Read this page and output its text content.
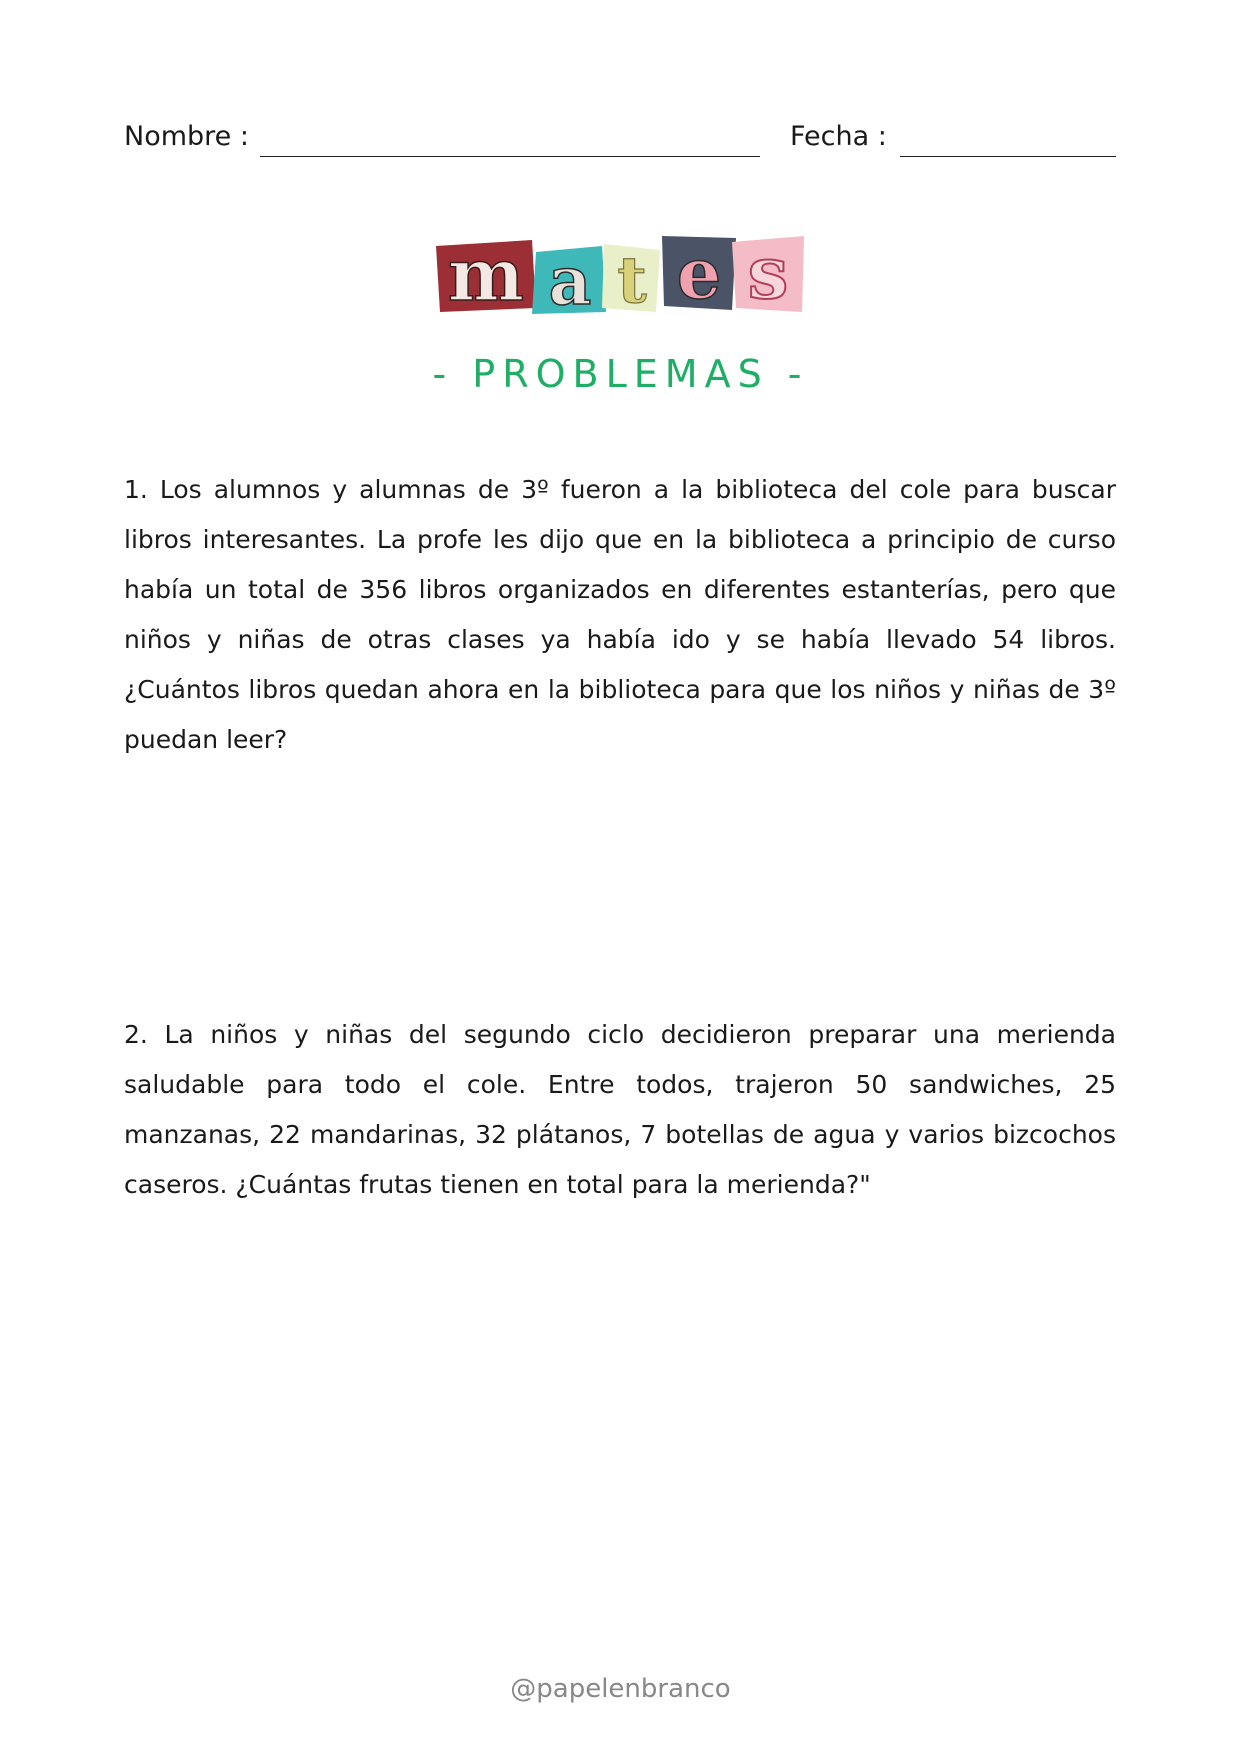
Nombre :	Fecha :
m a t e s
- PROBLEMAS -

1. Los alumnos y alumnas de 3º fueron a la biblioteca del cole para buscar libros interesantes. La profe les dijo que en la biblioteca a principio de curso había un total de 356 libros organizados en diferentes estanterías, pero que niños y niñas de otras clases ya había ido y se había llevado 54 libros. ¿Cuántos libros quedan ahora en la biblioteca para que los niños y niñas de 3º puedan leer?

2. La niños y niñas del segundo ciclo decidieron preparar una merienda saludable para todo el cole. Entre todos, trajeron 50 sandwiches, 25 manzanas, 22 mandarinas, 32 plátanos, 7 botellas de agua y varios bizcochos caseros. ¿Cuántas frutas tienen en total para la merienda?"

@papelenbranco
